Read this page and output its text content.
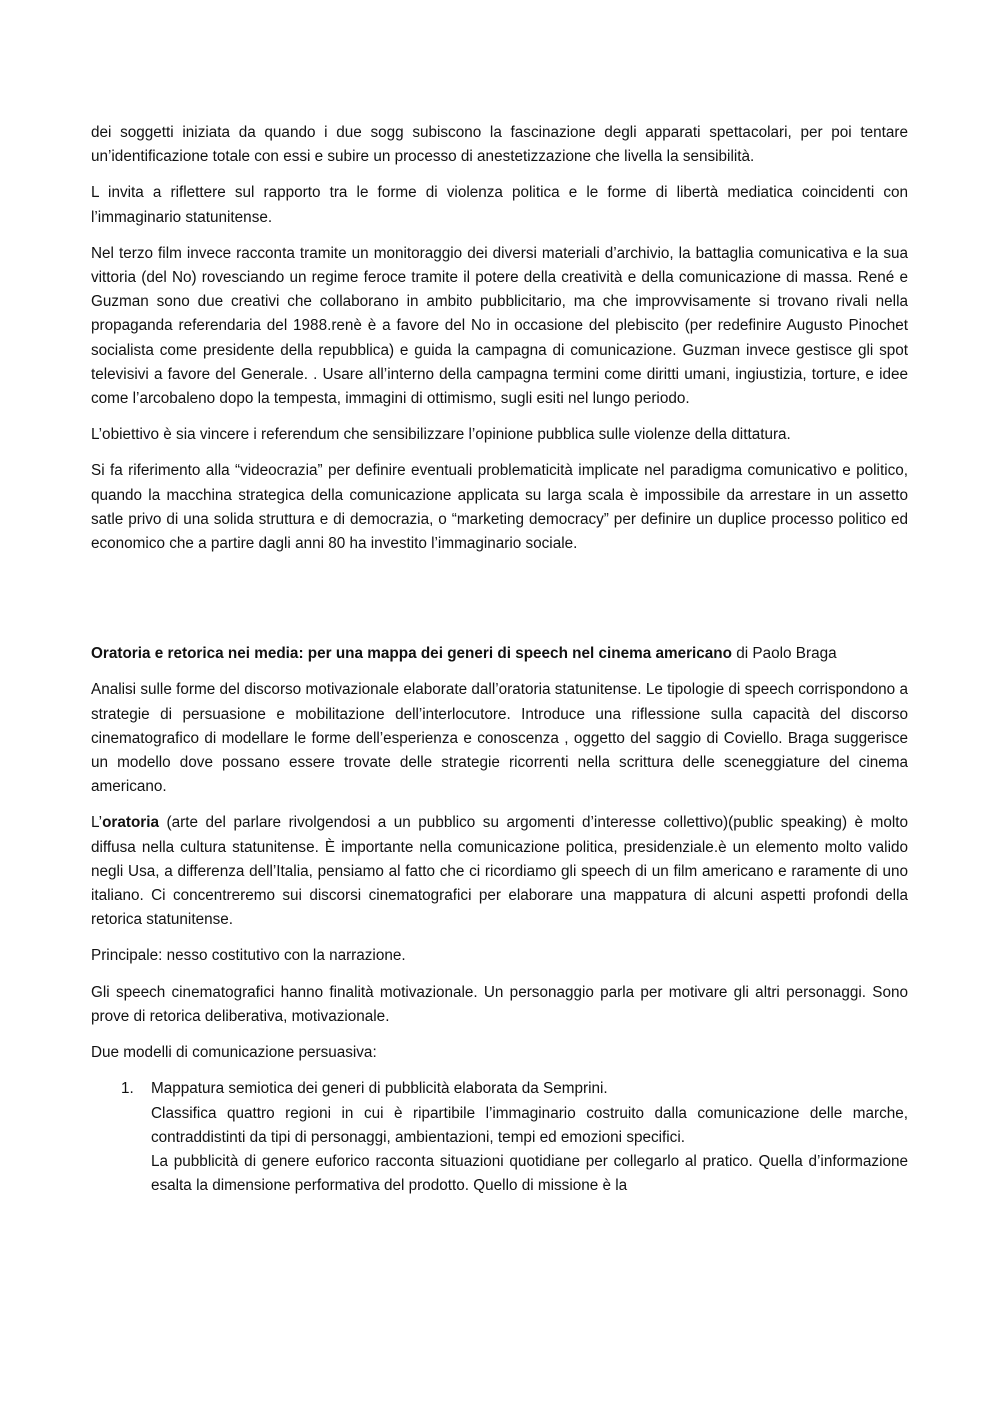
dei soggetti iniziata da quando i due sogg subiscono la fascinazione degli apparati spettacolari, per poi tentare un’identificazione totale con essi e subire un processo di anestetizzazione che livella la sensibilità.

L invita a riflettere sul rapporto tra le forme di violenza politica e le forme di libertà mediatica coincidenti con l’immaginario statunitense.

Nel terzo film invece racconta tramite un monitoraggio dei diversi materiali d’archivio, la battaglia comunicativa e la sua vittoria (del No) rovesciando un regime feroce tramite il potere della creatività e della comunicazione di massa. René e Guzman sono due creativi che collaborano in ambito pubblicitario, ma che improvvisamente si trovano rivali nella propaganda referendaria del 1988.renè è a favore del No in occasione del plebiscito (per redefinire Augusto Pinochet socialista come presidente della repubblica) e guida la campagna di comunicazione. Guzman invece gestisce gli spot televisivi a favore del Generale. . Usare all’interno della campagna termini come diritti umani, ingiustizia, torture, e idee come l’arcobaleno dopo la tempesta, immagini di ottimismo, sugli esiti nel lungo periodo.

L’obiettivo è sia vincere i referendum che sensibilizzare l’opinione pubblica sulle violenze della dittatura.

Si fa riferimento alla “videocrazia” per definire eventuali problematicità implicate nel paradigma comunicativo e politico, quando la macchina strategica della comunicazione applicata su larga scala è impossibile da arrestare in un assetto satle privo di una solida struttura e di democrazia, o “marketing democracy” per definire un duplice processo politico ed economico che a partire dagli anni 80 ha investito l’immaginario sociale.

Oratoria e retorica nei media: per una mappa dei generi di speech nel cinema americano di Paolo Braga

Analisi sulle forme del discorso motivazionale elaborate dall’oratoria statunitense. Le tipologie di speech corrispondono a strategie di persuasione e mobilitazione dell’interlocutore. Introduce una riflessione sulla capacità del discorso cinematografico di modellare le forme dell’esperienza e conoscenza , oggetto del saggio di Coviello. Braga suggerisce un modello dove possano essere trovate delle strategie ricorrenti nella scrittura delle sceneggiature del cinema americano.

L’oratoria (arte del parlare rivolgendosi a un pubblico su argomenti d’interesse collettivo)(public speaking) è molto diffusa nella cultura statunitense. È importante nella comunicazione politica, presidenziale.è un elemento molto valido negli Usa, a differenza dell’Italia, pensiamo al fatto che ci ricordiamo gli speech di un film americano e raramente di uno italiano. Ci concentreremo sui discorsi cinematografici per elaborare una mappatura di alcuni aspetti profondi della retorica statunitense.

Principale: nesso costitutivo con la narrazione.

Gli speech cinematografici hanno finalità motivazionale. Un personaggio parla per motivare gli altri personaggi. Sono prove di retorica deliberativa, motivazionale.

Due modelli di comunicazione persuasiva:

1. Mappatura semiotica dei generi di pubblicità elaborata da Semprini.

Classifica quattro regioni in cui è ripartibile l’immaginario costruito dalla comunicazione delle marche, contraddistinti da tipi di personaggi, ambientazioni, tempi ed emozioni specifici.

La pubblicità di genere euforico racconta situazioni quotidiane per collegarlo al pratico. Quella d’informazione esalta la dimensione performativa del prodotto. Quello di missione è la
